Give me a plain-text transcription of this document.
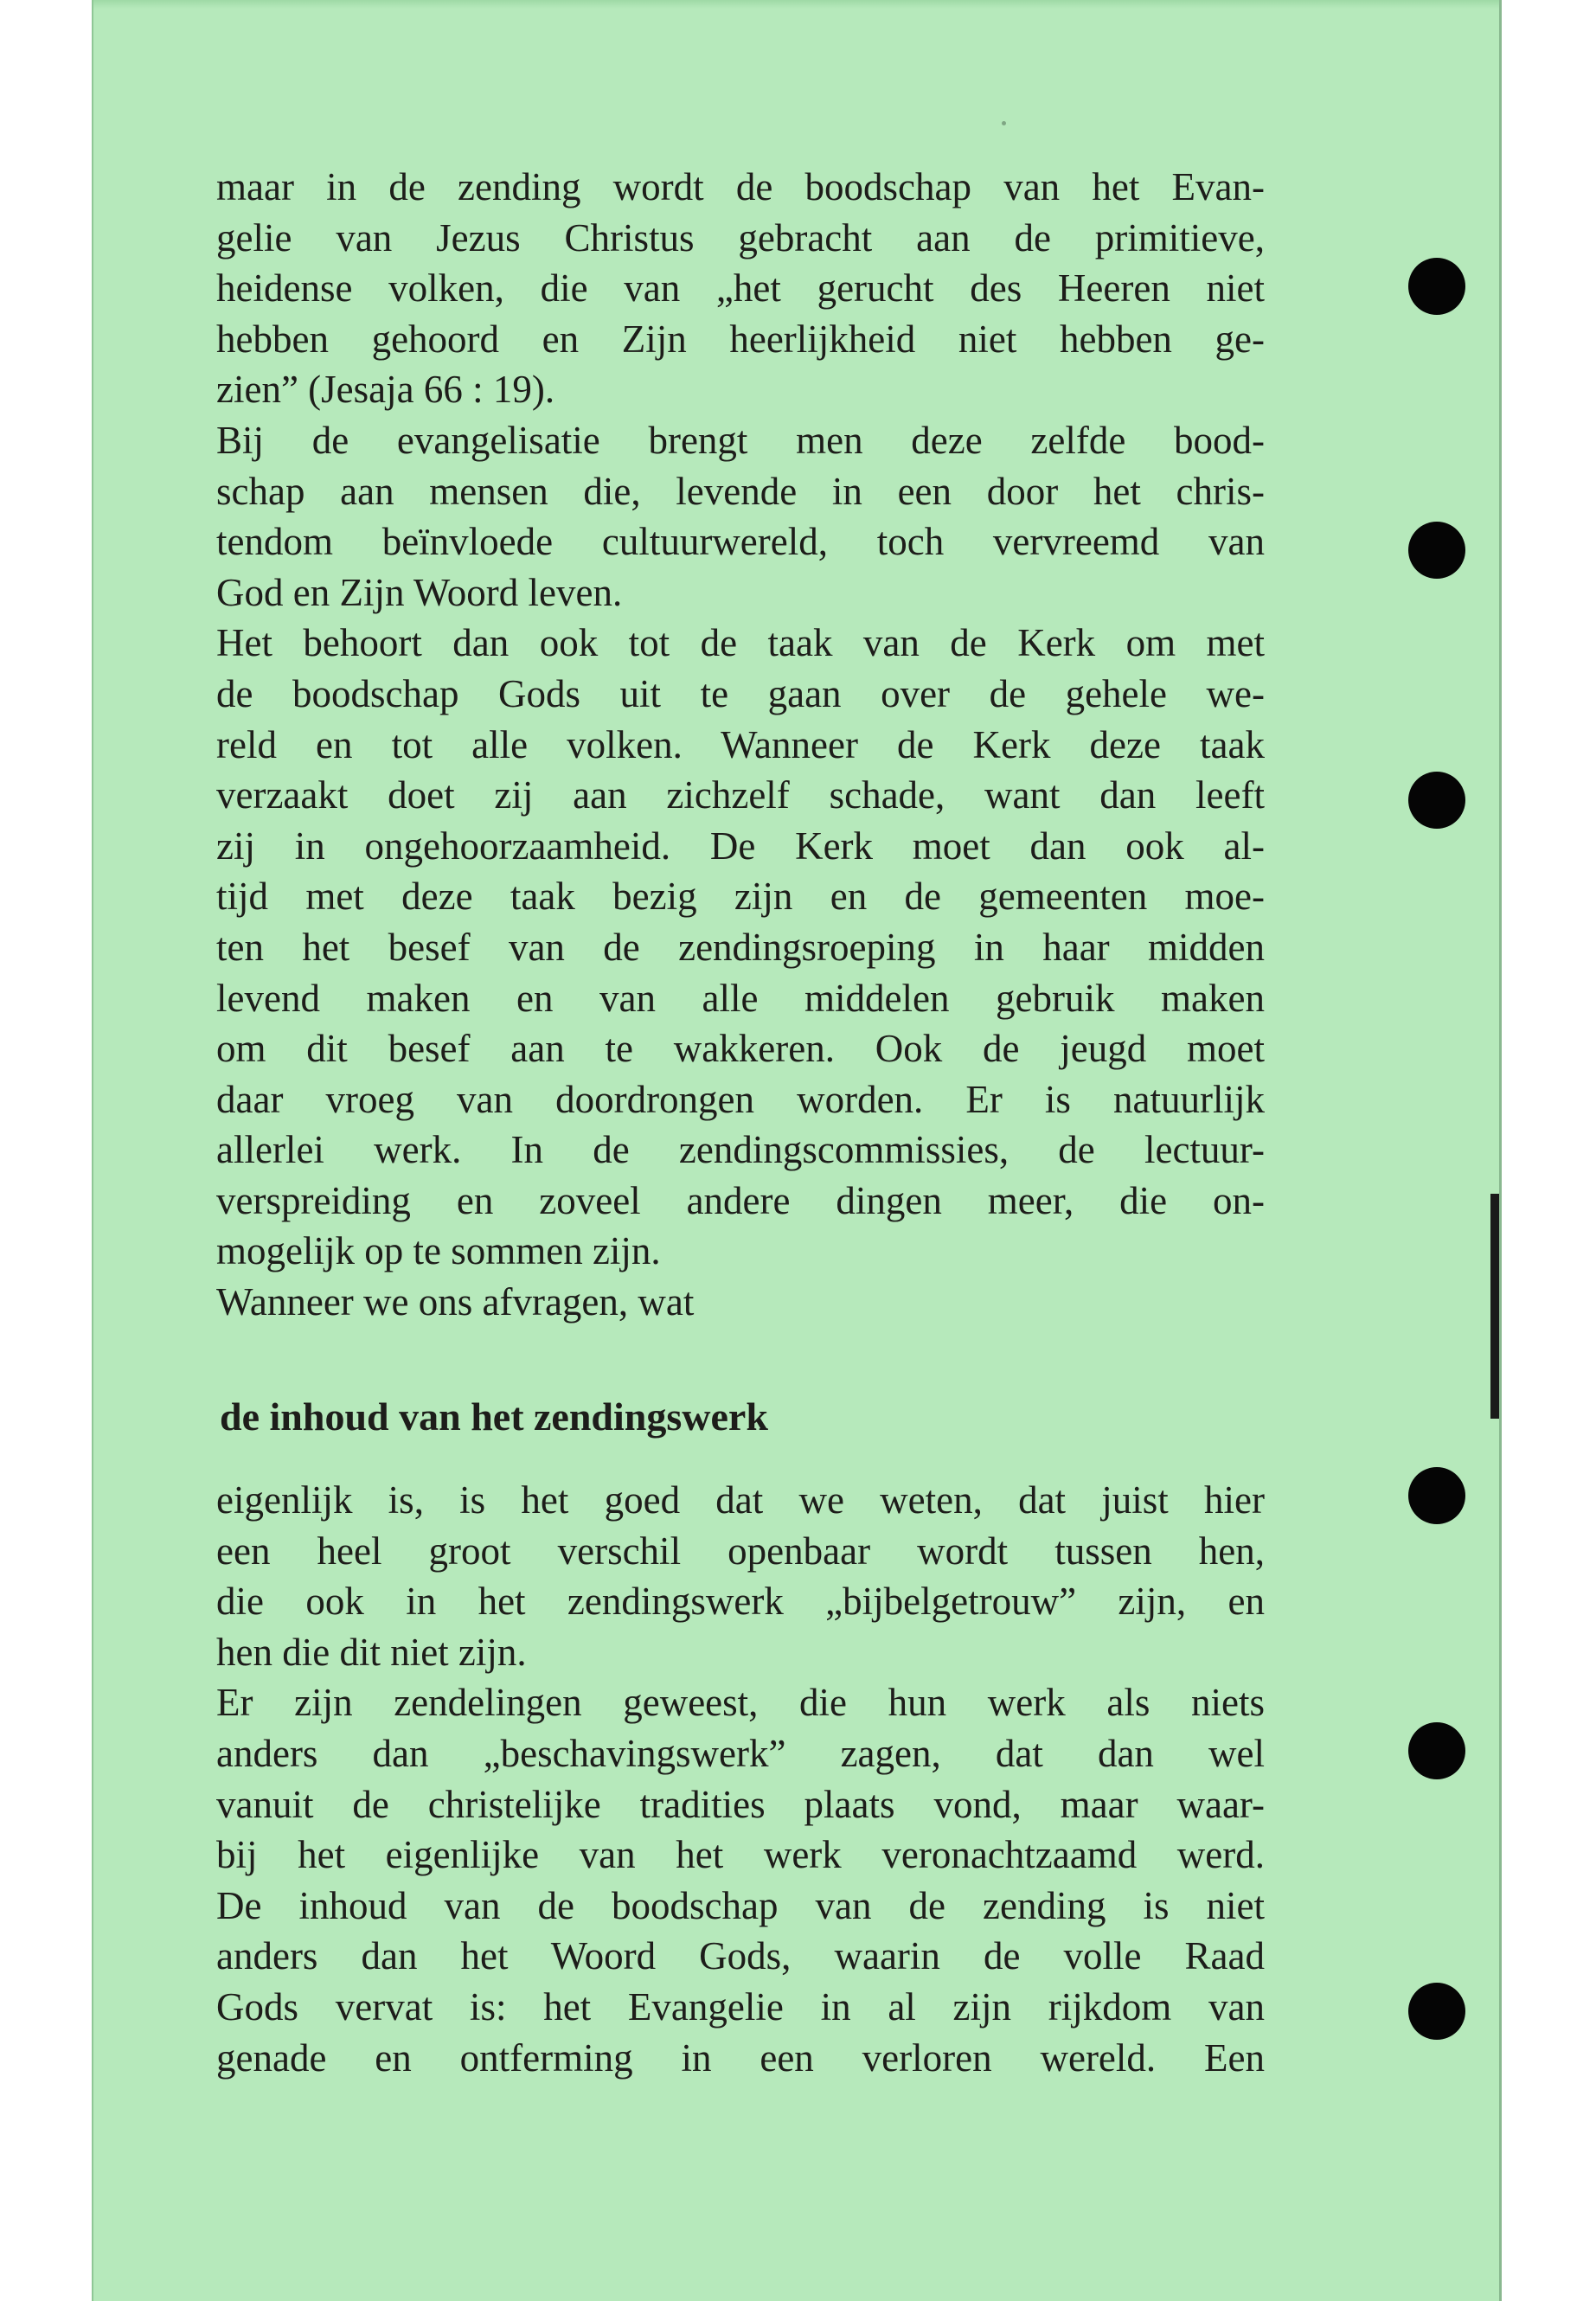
maar in de zending wordt de boodschap van het Evan-
gelie van Jezus Christus gebracht aan de primitieve,
heidense volken, die van „het gerucht des Heeren niet
hebben gehoord en Zijn heerlijkheid niet hebben ge-
zien” (Jesaja 66 : 19).
Bij de evangelisatie brengt men deze zelfde bood-
schap aan mensen die, levende in een door het chris-
tendom beïnvloede cultuurwereld, toch vervreemd van
God en Zijn Woord leven.
Het behoort dan ook tot de taak van de Kerk om met
de boodschap Gods uit te gaan over de gehele we-
reld en tot alle volken. Wanneer de Kerk deze taak
verzaakt doet zij aan zichzelf schade, want dan leeft
zij in ongehoorzaamheid. De Kerk moet dan ook al-
tijd met deze taak bezig zijn en de gemeenten moe-
ten het besef van de zendingsroeping in haar midden
levend maken en van alle middelen gebruik maken
om dit besef aan te wakkeren. Ook de jeugd moet
daar vroeg van doordrongen worden. Er is natuurlijk
allerlei werk. In de zendingscommissies, de lectuur-
verspreiding en zoveel andere dingen meer, die on-
mogelijk op te sommen zijn.
Wanneer we ons afvragen, wat
de inhoud van het zendingswerk
eigenlijk is, is het goed dat we weten, dat juist hier
een heel groot verschil openbaar wordt tussen hen,
die ook in het zendingswerk „bijbelgetrouw” zijn, en
hen die dit niet zijn.
Er zijn zendelingen geweest, die hun werk als niets
anders dan „beschavingswerk” zagen, dat dan wel
vanuit de christelijke tradities plaats vond, maar waar-
bij het eigenlijke van het werk veronachtzaamd werd.
De inhoud van de boodschap van de zending is niet
anders dan het Woord Gods, waarin de volle Raad
Gods vervat is: het Evangelie in al zijn rijkdom van
genade en ontferming in een verloren wereld. Een
